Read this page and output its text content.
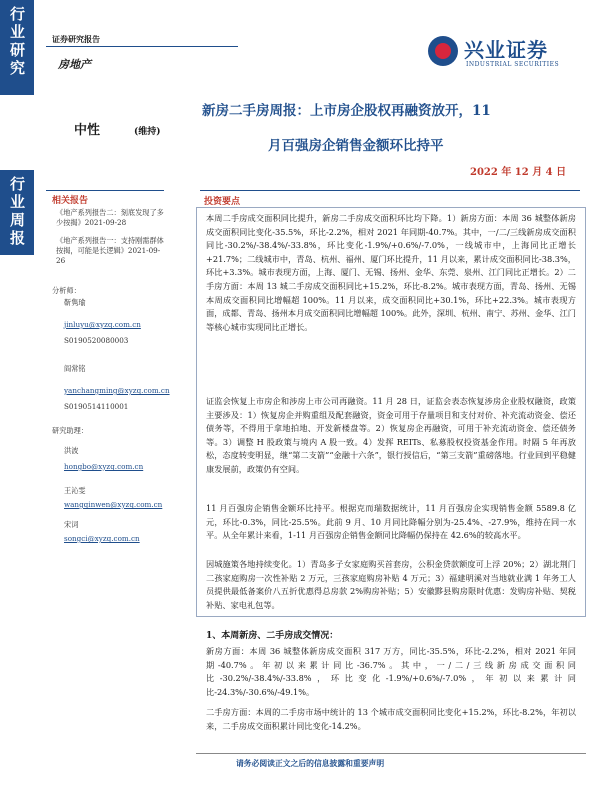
行业研究
行业周报
证券研究报告
房地产
兴业证券
INDUSTRIAL SECURITIES
中性	(维持)
新房二手房周报：上市房企股权再融资放开，11
月百强房企销售金额环比持平
2022 年 12 月 4 日
相关报告
《地产系列报告二：刻底发现了多少按揭》2021-09-28
《地产系列报告一：支持刚需群体按揭，可能是长逻辑》2021-09-26
分析师：
靳隽瑜
jinluyu@xyzq.com.cn
S0190520080003
阎常铭
yanchangming@xyzq.com.cn
S0190514110001
研究助理：
洪波
hongbo@xyzq.com.cn
王沁雯
wangqinwen@xyzq.com.cn
宋词
songci@xyzq.com.cn
投资要点
本周二手房成交面积同比提升，新房二手房成交面积环比均下降。1）新房方面：本周 36 城整体新房成交面积同比变化-35.5%，环比-2.2%，相对 2021 年同期-40.7%。其中，一/二/三线新房成交面积同比-30.2%/-38.4%/-33.8%，环比变化-1.9%/+0.6%/-7.0%，一线城市中，上海同比正增长+21.7%；二线城市中，青岛、杭州、福州、厦门环比提升，11 月以来，累计成交面积同比-38.3%，环比+3.3%。城市表现方面，上海、厦门、无锡、扬州、金华、东莞、泉州、江门同比正增长。2）二手房方面：本周 13 城二手房成交面积同比+15.2%，环比-8.2%。城市表现方面，青岛、扬州、无锡本周成交面积同比增幅超 100%。11 月以来，成交面积同比+30.1%，环比+22.3%。城市表现方面，成都、青岛、扬州本月成交面积同比增幅超 100%。此外，深圳、杭州、南宁、苏州、金华、江门等核心城市实现同比正增长。
证监会恢复上市房企和涉房上市公司再融资。11 月 28 日，证监会表态恢复涉房企业股权融资，政策主要涉及：1）恢复房企并购重组及配套融资，资金可用于存量项目和支付对价、补充流动资金、偿还债务等，不得用于拿地拍地、开发新楼盘等。2）恢复房企再融资，可用于补充流动资金、偿还债务等。3）调整 H 股政策与境内 A 股一致。4）发挥 REITs、私募股权投资基金作用。时隔 5 年再放松，态度转变明显，继“第二支箭”“金融十六条”，银行授信后，“第三支箭”重磅落地。行业回到平稳健康发展前，政策仍有空间。
11 月百强房企销售金额环比持平。根据克而瑞数据统计，11 月百强房企实现销售金额 5589.8 亿元，环比-0.3%，同比-25.5%。此前 9 月、10 月同比降幅分别为-25.4%、-27.9%，维持在同一水平。从全年累计来看，1-11 月百强房企销售金额同比降幅仍保持在 42.6%的较高水平。
因城施策各地持续变化。1）青岛多子女家庭购买首套房，公积金贷款额度可上浮 20%；2）湖北荆门二孩家庭购房一次性补贴 2 万元，三孩家庭购房补贴 4 万元；3）福建明溪对当地就业满 1 年务工人员提供最低备案价八五折优惠得总房款 2%购房补贴；5）安徽黟县购房限时优惠：发购房补贴、契税补贴、家电礼包等。
1、本周新房、二手房成交情况：
新房方面：本周 36 城整体新房成交面积 317 万方，同比-35.5%，环比-2.2%，相对 2021 年同期-40.7%。年初以来累计同比-36.7%。其中，一/二/三线新房成交面积同比-30.2%/-38.4%/-33.8%，环比变化-1.9%/+0.6%/-7.0%，年初以来累计同比-24.3%/-30.6%/-49.1%。
二手房方面：本周的二手房市场中统计的 13 个城市成交面积同比变化+15.2%，环比-8.2%，年初以来，二手房成交面积累计同比变化-14.2%。
请务必阅读正文之后的信息披露和重要声明
